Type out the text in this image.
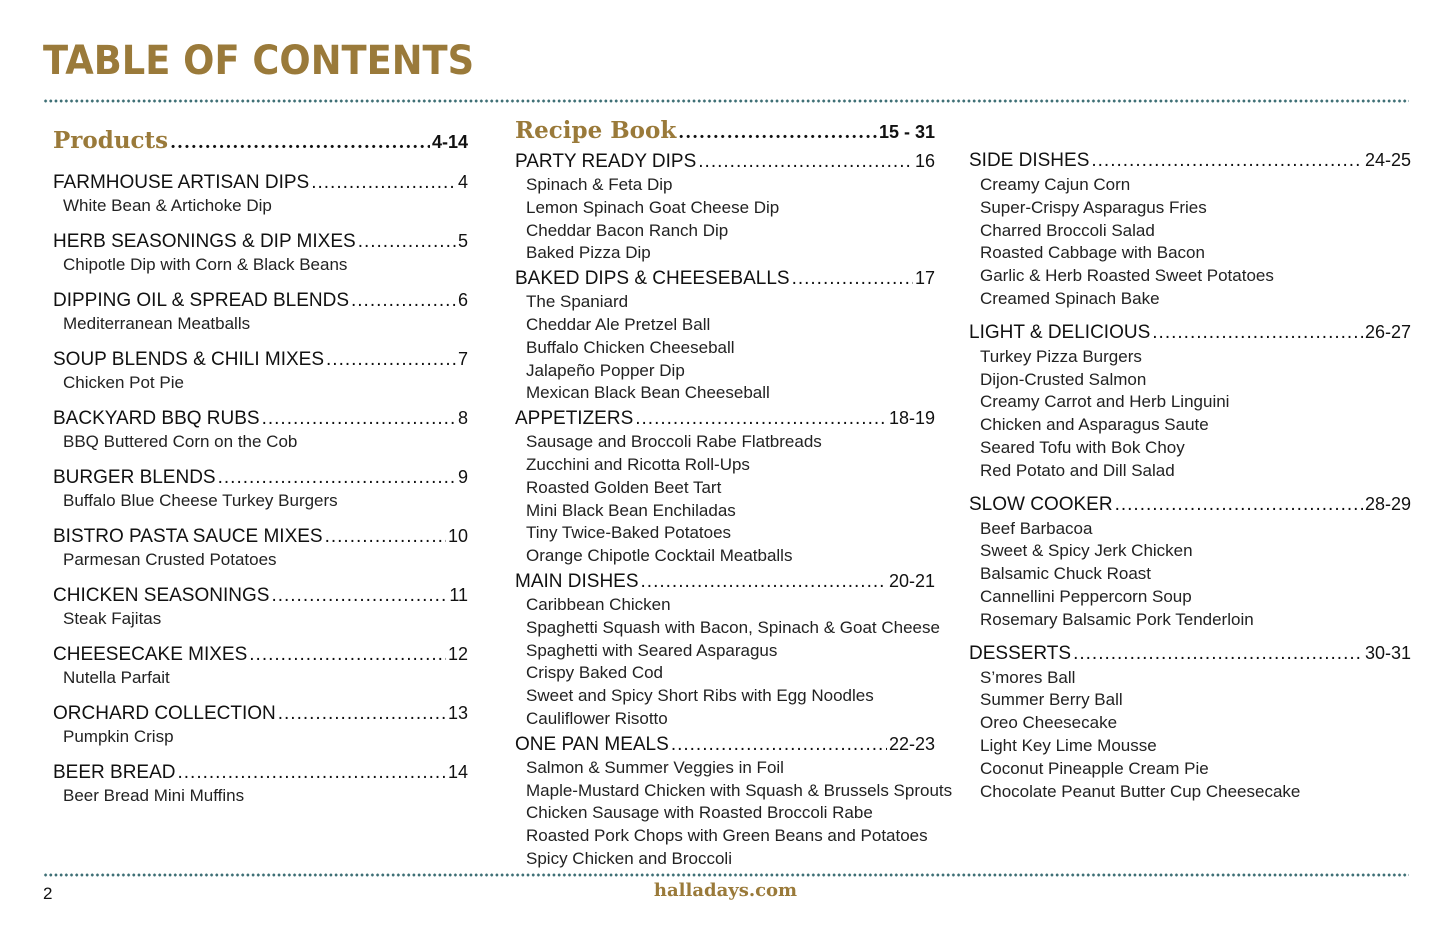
TABLE OF CONTENTS
Products .....	4-14
FARMHOUSE ARTISAN DIPS .....	4
White Bean & Artichoke Dip
HERB SEASONINGS & DIP MIXES .....	5
Chipotle Dip with Corn & Black Beans
DIPPING OIL & SPREAD BLENDS .....	6
Mediterranean Meatballs
SOUP BLENDS & CHILI MIXES .....	7
Chicken Pot Pie
BACKYARD BBQ RUBS .....	8
BBQ Buttered Corn on the Cob
BURGER BLENDS .....	9
Buffalo Blue Cheese Turkey Burgers
BISTRO PASTA SAUCE MIXES .....	10
Parmesan Crusted Potatoes
CHICKEN SEASONINGS .....	11
Steak Fajitas
CHEESECAKE MIXES .....	12
Nutella Parfait
ORCHARD COLLECTION .....	13
Pumpkin Crisp
BEER BREAD .....	14
Beer Bread Mini Muffins
Recipe Book .....	15 - 31
PARTY READY DIPS .....	16
Spinach & Feta Dip
Lemon Spinach Goat Cheese Dip
Cheddar Bacon Ranch Dip
Baked Pizza Dip
BAKED DIPS & CHEESEBALLS .....	17
The Spaniard
Cheddar Ale Pretzel Ball
Buffalo Chicken Cheeseball
Jalapeño Popper Dip
Mexican Black Bean Cheeseball
APPETIZERS .....	18-19
Sausage and Broccoli Rabe Flatbreads
Zucchini and Ricotta Roll-Ups
Roasted Golden Beet Tart
Mini Black Bean Enchiladas
Tiny Twice-Baked Potatoes
Orange Chipotle Cocktail Meatballs
MAIN DISHES .....	20-21
Caribbean Chicken
Spaghetti Squash with Bacon, Spinach & Goat Cheese
Spaghetti with Seared Asparagus
Crispy Baked Cod
Sweet and Spicy Short Ribs with Egg Noodles
Cauliflower Risotto
ONE PAN MEALS .....	22-23
Salmon & Summer Veggies in Foil
Maple-Mustard Chicken with Squash & Brussels Sprouts
Chicken Sausage with Roasted Broccoli Rabe
Roasted Pork Chops with Green Beans and Potatoes
Spicy Chicken and Broccoli
SIDE DISHES .....	24-25
Creamy Cajun Corn
Super-Crispy Asparagus Fries
Charred Broccoli Salad
Roasted Cabbage with Bacon
Garlic & Herb Roasted Sweet Potatoes
Creamed Spinach Bake
LIGHT & DELICIOUS .....	26-27
Turkey Pizza Burgers
Dijon-Crusted Salmon
Creamy Carrot and Herb Linguini
Chicken and Asparagus Saute
Seared Tofu with Bok Choy
Red Potato and Dill Salad
SLOW COOKER .....	28-29
Beef Barbacoa
Sweet & Spicy Jerk Chicken
Balsamic Chuck Roast
Cannellini Peppercorn Soup
Rosemary Balsamic Pork Tenderloin
DESSERTS .....	30-31
S’mores Ball
Summer Berry Ball
Oreo Cheesecake
Light Key Lime Mousse
Coconut Pineapple Cream Pie
Chocolate Peanut Butter Cup Cheesecake
2	halladays.com
